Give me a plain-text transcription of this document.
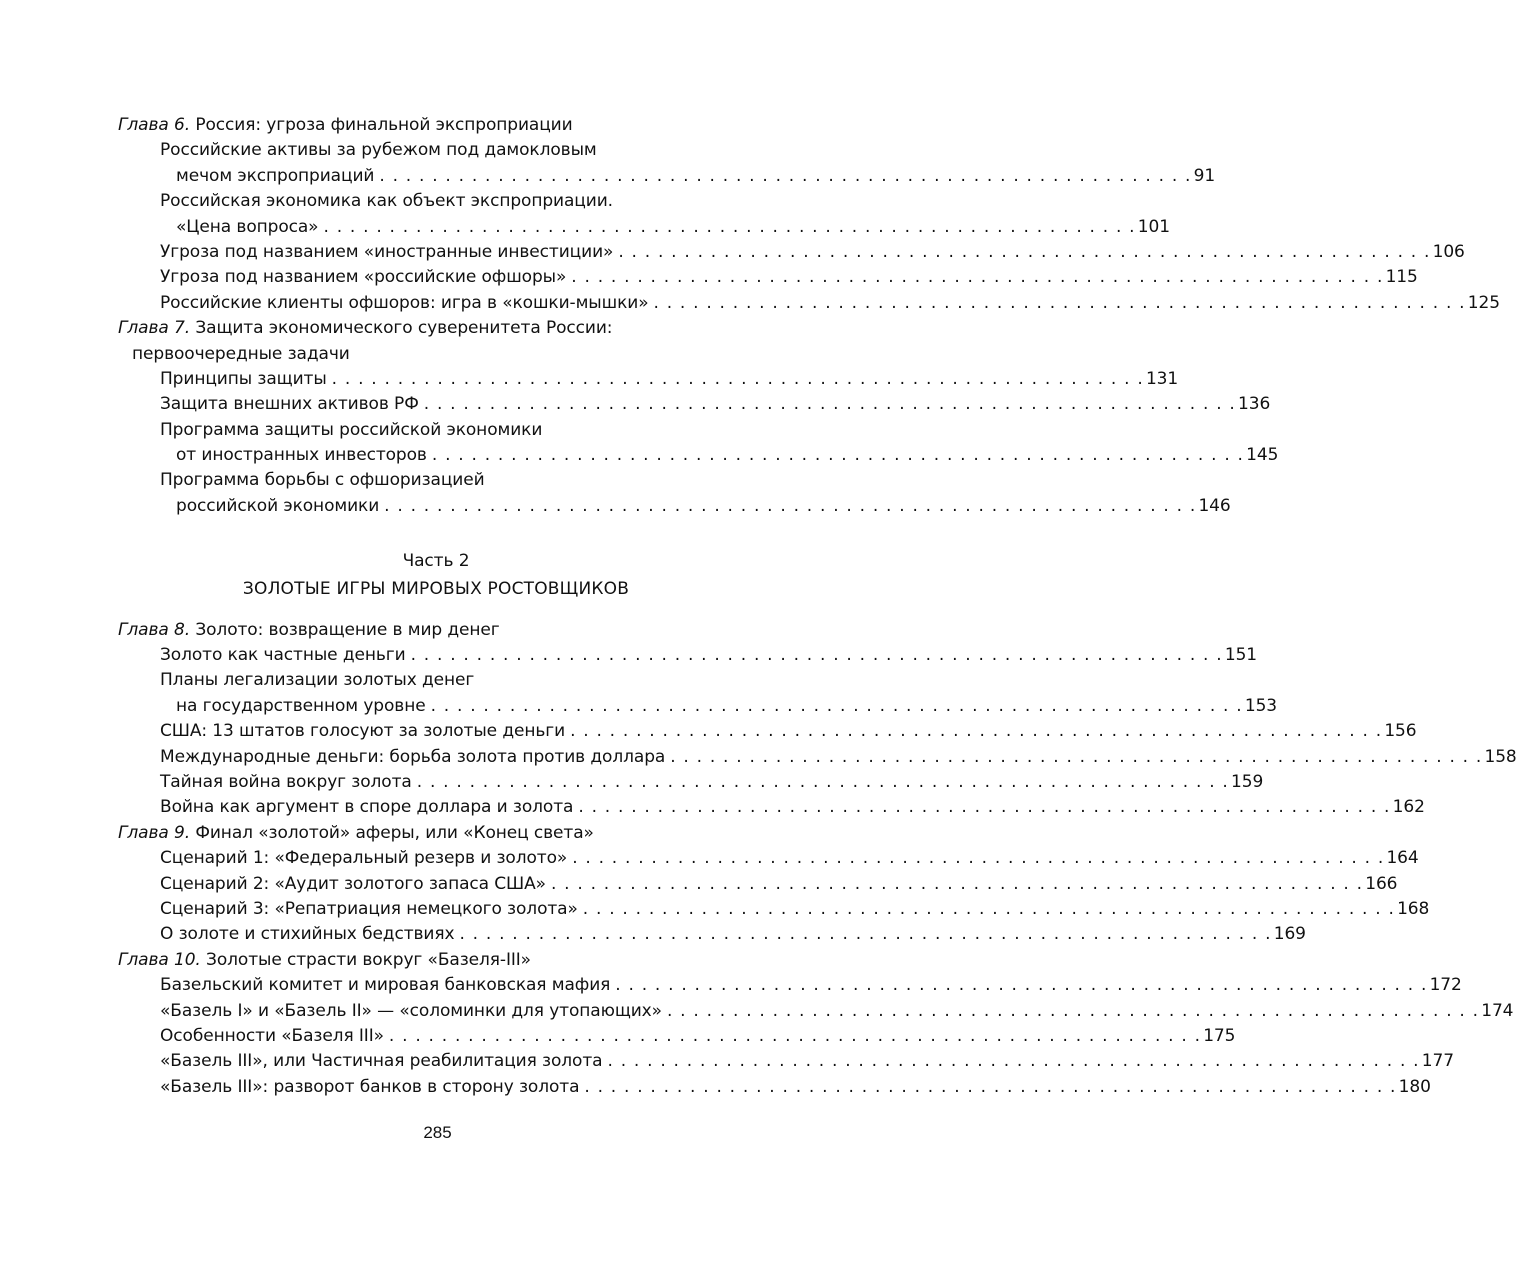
Глава 6. Россия: угроза финальной экспроприации
Российские активы за рубежом под дамокловым
мечом экспроприаций . . .	91
Российская экономика как объект экспроприации.
«Цена вопроса» . . .	101
Угроза под названием «иностранные инвестиции» . . .	106
Угроза под названием «российские офшоры» . . .	115
Российские клиенты офшоров: игра в «кошки-мышки» . . .	125
Глава 7. Защита экономического суверенитета России:
первоочередные задачи
Принципы защиты . . .	131
Защита внешних активов РФ . . .	136
Программа защиты российской экономики
от иностранных инвесторов . . .	145
Программа борьбы с офшоризацией
российской экономики . . .	146
Часть 2
ЗОЛОТЫЕ ИГРЫ МИРОВЫХ РОСТОВЩИКОВ
Глава 8. Золото: возвращение в мир денег
Золото как частные деньги . . .	151
Планы легализации золотых денег
на государственном уровне . . .	153
США: 13 штатов голосуют за золотые деньги . . .	156
Международные деньги: борьба золота против доллара . . .	158
Тайная война вокруг золота . . .	159
Война как аргумент в споре доллара и золота . . .	162
Глава 9. Финал «золотой» аферы, или «Конец света»
Сценарий 1: «Федеральный резерв и золото» . . .	164
Сценарий 2: «Аудит золотого запаса США» . . .	166
Сценарий 3: «Репатриация немецкого золота» . . .	168
О золоте и стихийных бедствиях . . .	169
Глава 10. Золотые страсти вокруг «Базеля-III»
Базельский комитет и мировая банковская мафия . . .	172
«Базель I» и «Базель II» — «соломинки для утопающих» . . .	174
Особенности «Базеля III» . . .	175
«Базель III», или Частичная реабилитация золота . . .	177
«Базель III»: разворот банков в сторону золота . . .	180
285
